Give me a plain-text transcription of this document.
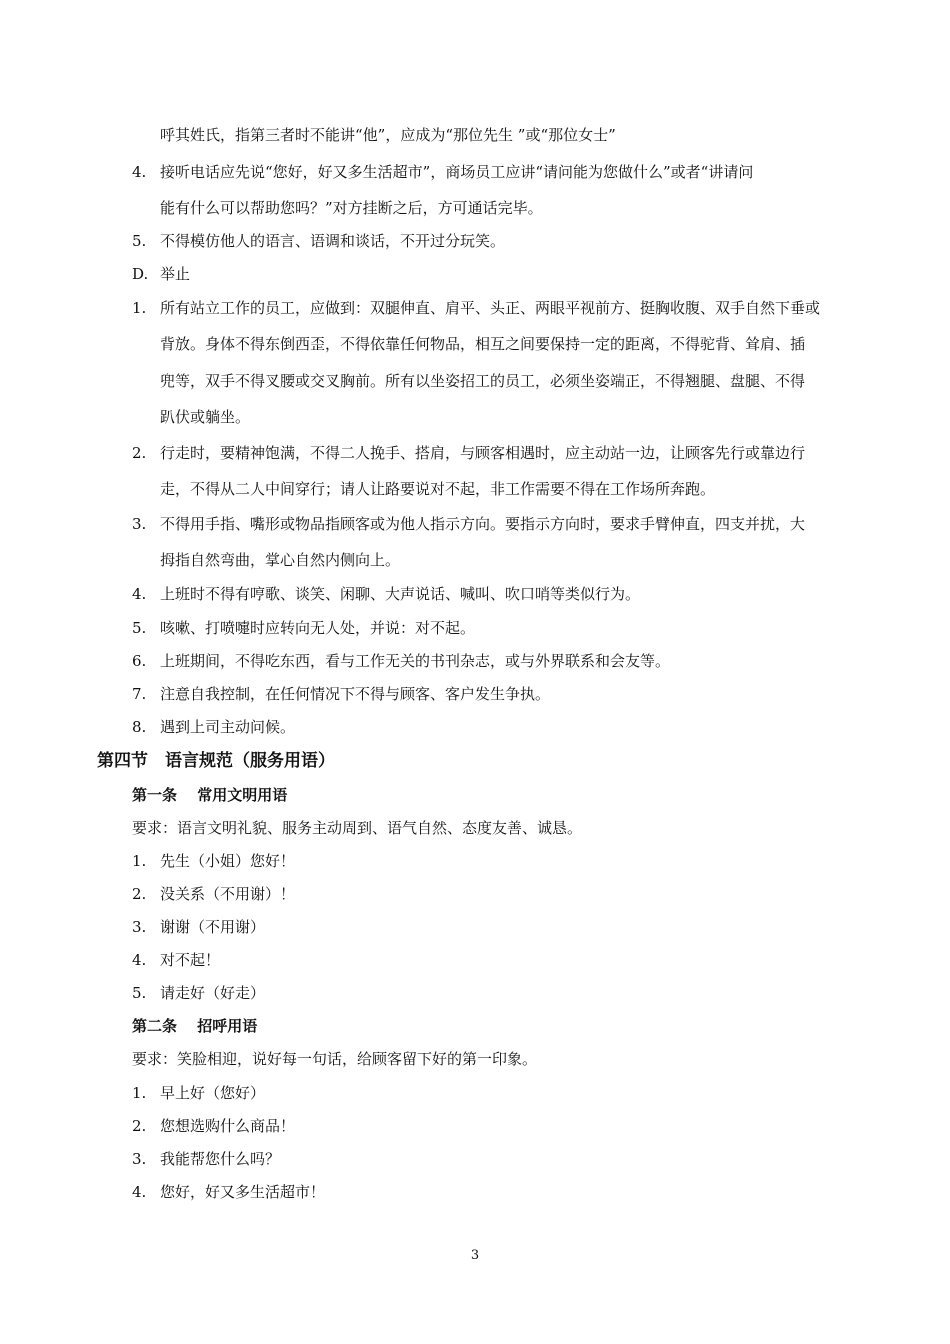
呼其姓氏，指第三者时不能讲“他”，应成为“那位先生 ”或“那位女士”
4. 接听电话应先说“您好，好又多生活超市”，商场员工应讲“请问能为您做什么”或者“讲请问
能有什么可以帮助您吗？”对方挂断之后，方可通话完毕。
5. 不得模仿他人的语言、语调和谈话，不开过分玩笑。
D. 举止
1. 所有站立工作的员工，应做到：双腿伸直、肩平、头正、两眼平视前方、挺胸收腹、双手自然下垂或
背放。身体不得东倒西歪，不得依靠任何物品，相互之间要保持一定的距离，不得驼背、耸肩、插
兜等，双手不得叉腰或交叉胸前。所有以坐姿招工的员工，必须坐姿端正，不得翘腿、盘腿、不得
趴伏或躺坐。
2. 行走时，要精神饱满，不得二人挽手、搭肩，与顾客相遇时，应主动站一边，让顾客先行或靠边行
走，不得从二人中间穿行；请人让路要说对不起，非工作需要不得在工作场所奔跑。
3. 不得用手指、嘴形或物品指顾客或为他人指示方向。要指示方向时，要求手臂伸直，四支并扰，大
拇指自然弯曲，掌心自然内侧向上。
4. 上班时不得有哼歌、谈笑、闲聊、大声说话、喊叫、吹口哨等类似行为。
5. 咳嗽、打喷嚏时应转向无人处，并说：对不起。
6. 上班期间，不得吃东西，看与工作无关的书刊杂志，或与外界联系和会友等。
7. 注意自我控制，在任何情况下不得与顾客、客户发生争执。
8. 遇到上司主动问候。
第四节　语言规范（服务用语）
第一条　 常用文明用语
要求：语言文明礼貌、服务主动周到、语气自然、态度友善、诚恳。
1. 先生（小姐）您好！
2. 没关系（不用谢）！
3. 谢谢（不用谢）
4. 对不起！
5. 请走好（好走）
第二条　 招呼用语
要求：笑脸相迎，说好每一句话，给顾客留下好的第一印象。
1. 早上好（您好）
2. 您想选购什么商品！
3. 我能帮您什么吗？
4. 您好，好又多生活超市！
3
